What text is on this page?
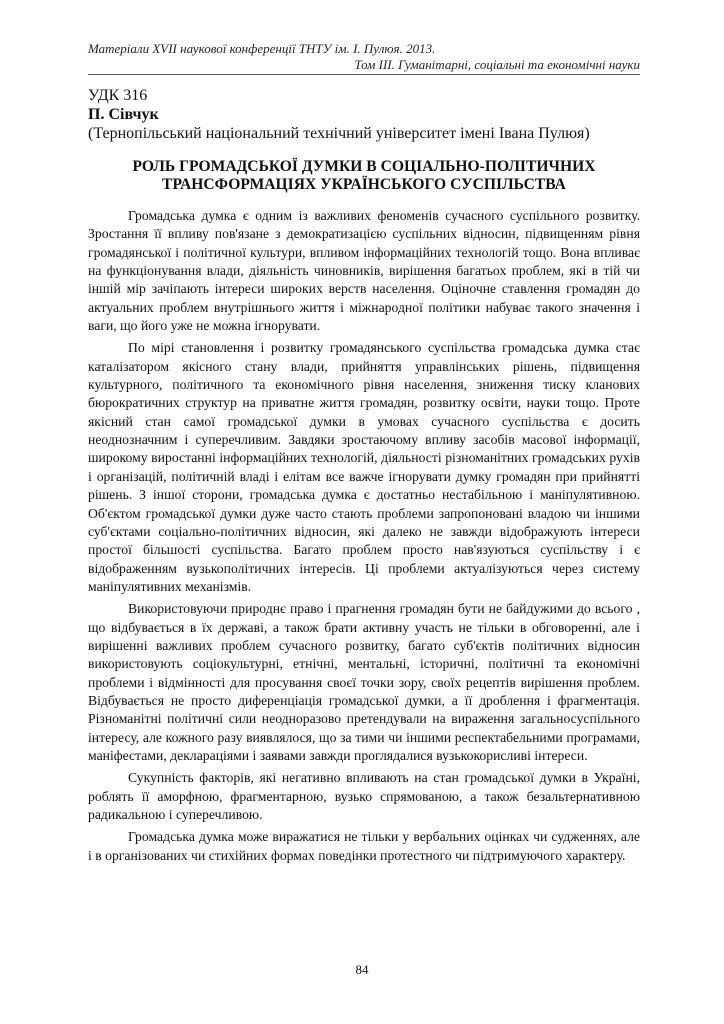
Матеріали XVII наукової конференції ТНТУ ім. І. Пулюя. 2013.
Том ІІІ. Гуманітарні, соціальні та економічні науки
УДК 316
П. Сівчук
(Тернопільський національний технічний університет імені Івана Пулюя)
РОЛЬ ГРОМАДСЬКОЇ ДУМКИ В СОЦІАЛЬНО-ПОЛІТИЧНИХ
ТРАНСФОРМАЦІЯХ УКРАЇНСЬКОГО СУСПІЛЬСТВА

Громадська думка є одним із важливих феноменів сучасного суспільного розвитку. Зростання її впливу пов'язане з демократизацією суспільних відносин, підвищенням рівня громадянської і політичної культури, впливом інформаційних технологій тощо. Вона впливає на функціонування влади, діяльність чиновників, вирішення багатьох проблем, які в тій чи іншій мір зачіпають інтереси широких верств населення. Оціночне ставлення громадян до актуальних проблем внутрішнього життя і міжнародної політики набуває такого значення і ваги, що його уже не можна ігнорувати.

По мірі становлення і розвитку громадянського суспільства громадська думка стає каталізатором якісного стану влади, прийняття управлінських рішень, підвищення культурного, політичного та економічного рівня населення, зниження тиску кланових бюрократичних структур на приватне життя громадян, розвитку освіти, науки тощо. Проте якісний стан самої громадської думки в умовах сучасного суспільства є досить неоднозначним і суперечливим. Завдяки зростаючому впливу засобів масової інформації, широкому виростанні інформаційних технологій, діяльності різноманітних громадських рухів і організацій, політичній владі і елітам все важче ігнорувати думку громадян при прийнятті рішень. З іншої сторони, громадська думка є достатньо нестабільною і маніпулятивною. Об'єктом громадської думки дуже часто стають проблеми запропоновані владою чи іншими суб'єктами соціально-політичних відносин, які далеко не завжди відображують інтереси простої більшості суспільства. Багато проблем просто нав'язуються суспільству і є відображенням вузькополітичних інтересів. Ці проблеми актуалізуються через систему маніпулятивних механізмів.

Використовуючи природнє право і прагнення громадян бути не байдужими до всього , що відбувається в їх державі, а також брати активну участь не тільки в обговоренні, але і вирішенні важливих проблем сучасного розвитку, багато суб'єктів політичних відносин використовують соціокультурні, етнічні, ментальні, історичні, політичні та економічні проблеми і відмінності для просування своєї точки зору, своїх рецептів вирішення проблем. Відбувається не просто диференціація громадської думки, а її дроблення і фрагментація. Різноманітні політичні сили неодноразово претендували на вираження загальносуспільного інтересу, але кожного разу виявлялося, що за тими чи іншими респектабельними програмами, маніфестами, деклараціями і заявами завжди проглядалися вузькокорисливі інтереси.

Сукупність факторів, які негативно впливають на стан громадської думки в Україні, роблять її аморфною, фрагментарною, вузько спрямованою, а також безальтернативною радикальною і суперечливою.

Громадська думка може виражатися не тільки у вербальних оцінках чи судженнях, але і в організованих чи стихійних формах поведінки протестного чи підтримуючого характеру.

84
